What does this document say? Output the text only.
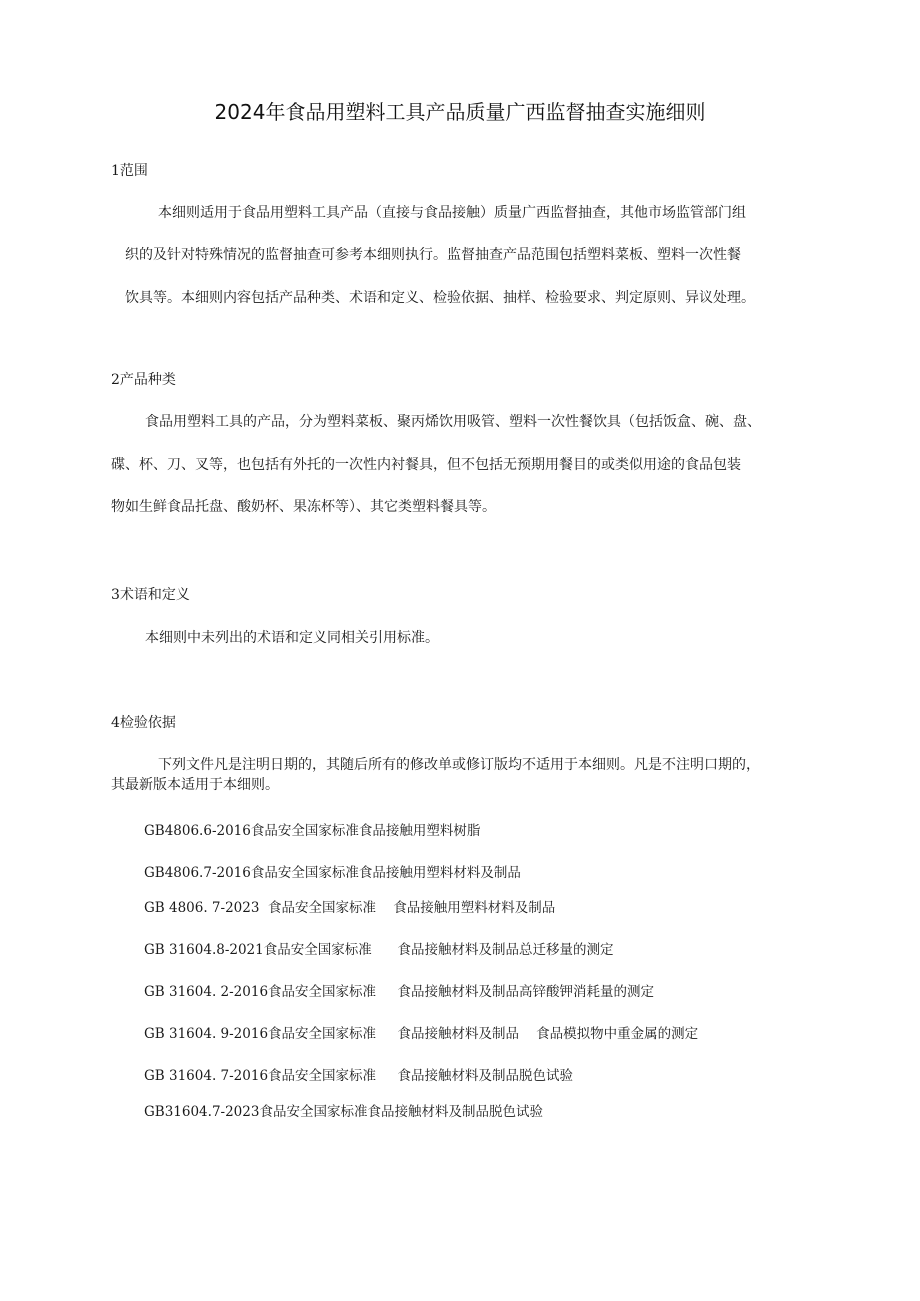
2024年食品用塑料工具产品质量广西监督抽查实施细则
1范围
本细则适用于食品用塑料工具产品（直接与食品接触）质量广西监督抽查，其他市场监管部门组
织的及针对特殊情况的监督抽查可参考本细则执行。监督抽查产品范围包括塑料菜板、塑料一次性餐
饮具等。本细则内容包括产品种类、术语和定义、检验依据、抽样、检验要求、判定原则、异议处理。
2产品种类
食品用塑料工具的产品，分为塑料菜板、聚丙烯饮用吸管、塑料一次性餐饮具（包括饭盒、碗、盘、
碟、杯、刀、叉等，也包括有外托的一次性内衬餐具，但不包括无预期用餐目的或类似用途的食品包装
物如生鲜食品托盘、酸奶杯、果冻杯等）、其它类塑料餐具等。
3术语和定义
本细则中未列出的术语和定义同相关引用标准。
4检验依据
下列文件凡是注明日期的，其随后所有的修改单或修订版均不适用于本细则。凡是不注明口期的，
其最新版本适用于本细则。
GB4806.6-2016食品安全国家标准食品接触用塑料树脂
GB4806.7-2016食品安全国家标准食品接触用塑料材料及制品
GB 4806. 7-2023  食品安全国家标准    食品接触用塑料材料及制品
GB 31604.8-2021食品安全国家标准      食品接触材料及制品总迁移量的测定
GB 31604. 2-2016食品安全国家标准     食品接触材料及制品高锌酸钾消耗量的测定
GB 31604. 9-2016食品安全国家标准     食品接触材料及制品    食品模拟物中重金属的测定
GB 31604. 7-2016食品安全国家标准     食品接触材料及制品脱色试验
GB31604.7-2023食品安全国家标准食品接触材料及制品脱色试验
